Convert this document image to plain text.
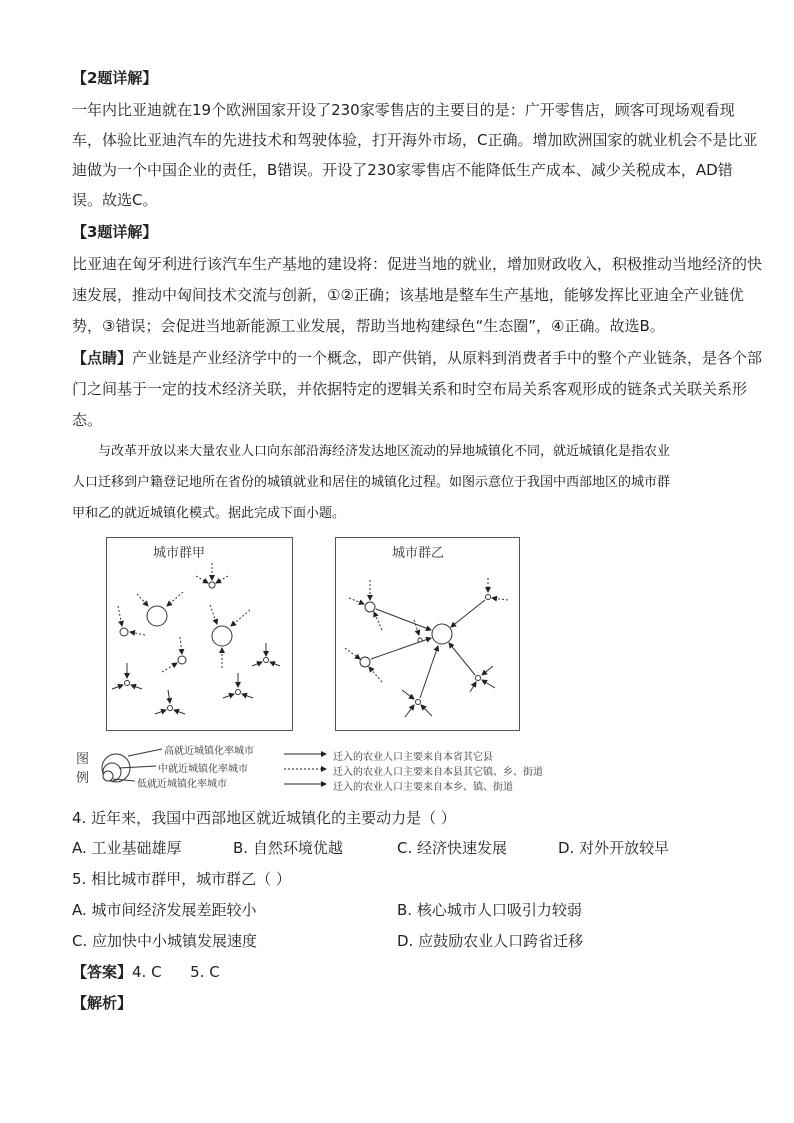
【2题详解】
一年内比亚迪就在19个欧洲国家开设了230家零售店的主要目的是：广开零售店，顾客可现场观看现
车，体验比亚迪汽车的先进技术和驾驶体验，打开海外市场，C正确。增加欧洲国家的就业机会不是比亚
迪做为一个中国企业的责任，B错误。开设了230家零售店不能降低生产成本、减少关税成本，AD错
误。故选C。
【3题详解】
比亚迪在匈牙利进行该汽车生产基地的建设将：促进当地的就业，增加财政收入，积极推动当地经济的快
速发展，推动中匈间技术交流与创新，①②正确；该基地是整车生产基地，能够发挥比亚迪全产业链优
势，③错误；会促进当地新能源工业发展，帮助当地构建绿色“生态圈”，④正确。故选B。
【点睛】产业链是产业经济学中的一个概念，即产供销，从原料到消费者手中的整个产业链条，是各个部
门之间基于一定的技术经济关联，并依据特定的逻辑关系和时空布局关系客观形成的链条式关联关系形
态。
与改革开放以来大量农业人口向东部沿海经济发达地区流动的异地城镇化不同，就近城镇化是指农业
人口迁移到户籍登记地所在省份的城镇就业和居住的城镇化过程。如图示意位于我国中西部地区的城市群
甲和乙的就近城镇化模式。据此完成下面小题。
城市群甲	城市群乙
图
例
高就近城镇化率城市
中就近城镇化率城市
低就近城镇化率城市
迁入的农业人口主要来自本省其它县
迁入的农业人口主要来自本县其它镇、乡、街道
迁入的农业人口主要来自本乡、镇、街道
4. 近年来，我国中西部地区就近城镇化的主要动力是（ ）
A. 工业基础雄厚	B. 自然环境优越	C. 经济快速发展	D. 对外开放较早
5. 相比城市群甲，城市群乙（ ）
A. 城市间经济发展差距较小	B. 核心城市人口吸引力较弱
C. 应加快中小城镇发展速度	D. 应鼓励农业人口跨省迁移
【答案】4. C      5. C
【解析】
